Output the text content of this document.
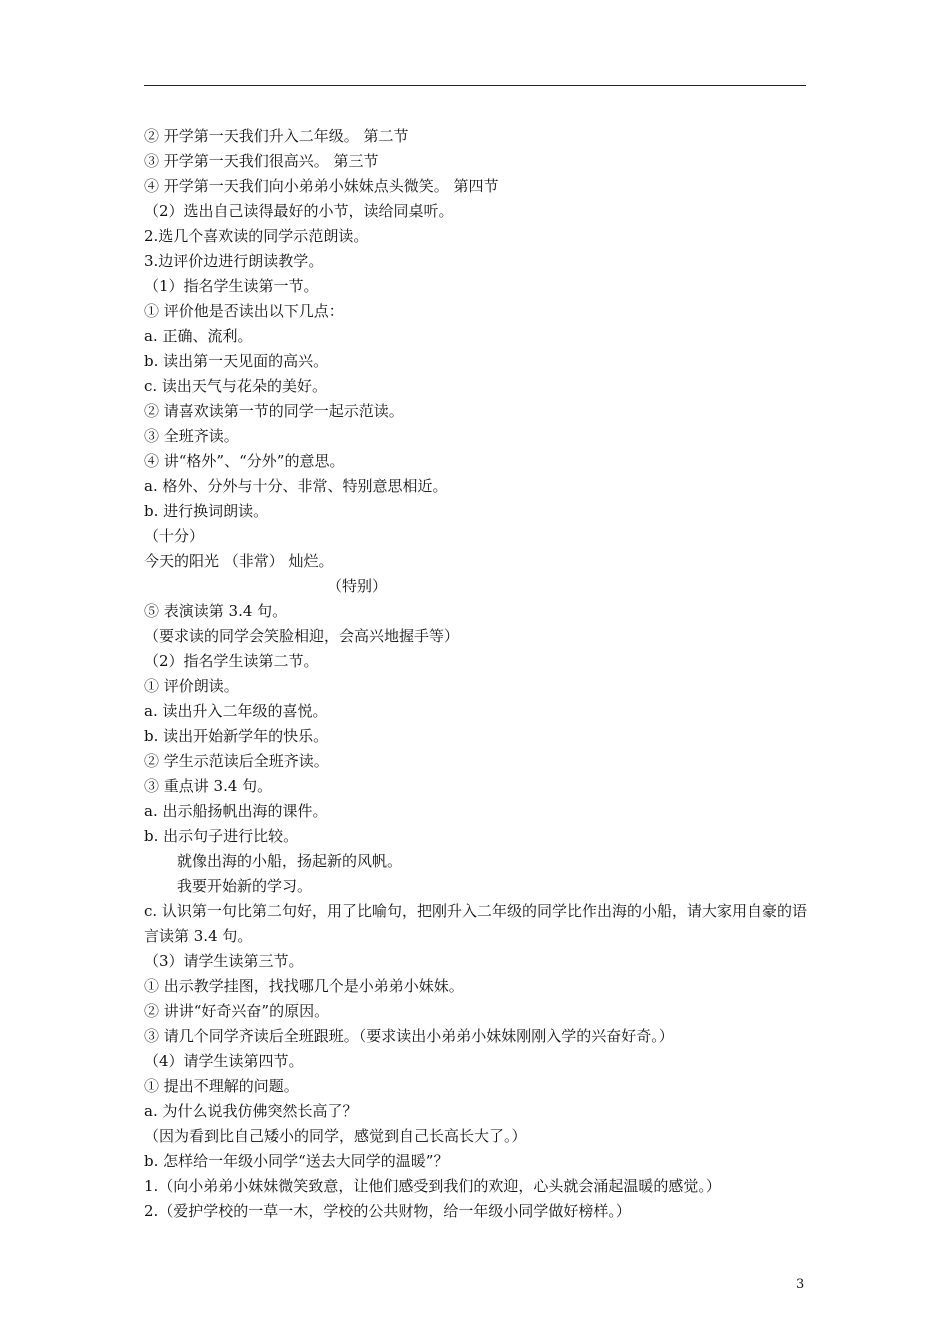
② 开学第一天我们升入二年级。 第二节
③ 开学第一天我们很高兴。 第三节
④ 开学第一天我们向小弟弟小妹妹点头微笑。 第四节
（2）选出自己读得最好的小节，读给同桌听。
2.选几个喜欢读的同学示范朗读。
3.边评价边进行朗读教学。
（1）指名学生读第一节。
① 评价他是否读出以下几点：
a. 正确、流利。
b. 读出第一天见面的高兴。
c. 读出天气与花朵的美好。
② 请喜欢读第一节的同学一起示范读。
③ 全班齐读。
④ 讲“格外”、“分外”的意思。
a. 格外、分外与十分、非常、特别意思相近。
b. 进行换词朗读。
（十分）
今天的阳光 （非常） 灿烂。
（特别）
⑤ 表演读第 3.4 句。
（要求读的同学会笑脸相迎，会高兴地握手等）
（2）指名学生读第二节。
① 评价朗读。
a. 读出升入二年级的喜悦。
b. 读出开始新学年的快乐。
② 学生示范读后全班齐读。
③ 重点讲 3.4 句。
a. 出示船扬帆出海的课件。
b. 出示句子进行比较。
就像出海的小船，扬起新的风帆。
我要开始新的学习。
c. 认识第一句比第二句好，用了比喻句，把刚升入二年级的同学比作出海的小船，请大家用自豪的语言读第 3.4 句。
（3）请学生读第三节。
① 出示教学挂图，找找哪几个是小弟弟小妹妹。
② 讲讲“好奇兴奋”的原因。
③ 请几个同学齐读后全班跟班。（要求读出小弟弟小妹妹刚刚入学的兴奋好奇。）
（4）请学生读第四节。
① 提出不理解的问题。
a. 为什么说我仿佛突然长高了？
（因为看到比自己矮小的同学，感觉到自己长高长大了。）
b. 怎样给一年级小同学“送去大同学的温暖”？
1.（向小弟弟小妹妹微笑致意，让他们感受到我们的欢迎，心头就会涌起温暖的感觉。）
2.（爱护学校的一草一木，学校的公共财物，给一年级小同学做好榜样。）
3
